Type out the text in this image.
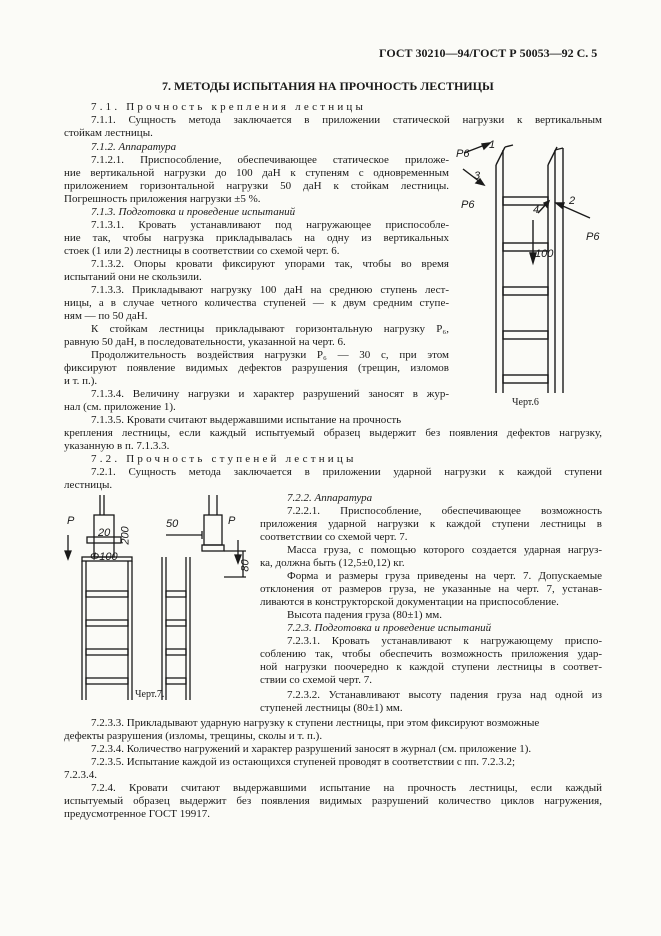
ГОСТ 30210—94/ГОСТ Р 50053—92 С. 5
7. МЕТОДЫ ИСПЫТАНИЯ НА ПРОЧНОСТЬ ЛЕСТНИЦЫ
7.1. Прочность крепления лестницы
7.1.1. Сущность метода заключается в приложении статической нагрузки к вертикальным
стойкам лестницы.
7.1.2. Аппаратура
7.1.2.1. Приспособление, обеспечивающее статическое приложе-
ние вертикальной нагрузки до 100 даН к ступеням с одновременным
приложением горизонтальной нагрузки 50 даН к стойкам лестницы.
Погрешность приложения нагрузки ±5 %.
7.1.3. Подготовка и проведение испытаний
7.1.3.1. Кровать устанавливают под нагружающее приспособле-
ние так, чтобы нагрузка прикладывалась на одну из вертикальных
стоек (1 или 2) лестницы в соответствии со схемой черт. 6.
7.1.3.2. Опоры кровати фиксируют упорами так, чтобы во время
испытаний они не скользили.
7.1.3.3. Прикладывают нагрузку 100 даН на среднюю ступень лест-
ницы, а в случае четного количества ступеней — к двум средним ступе-
ням — по 50 даН.
К стойкам лестницы прикладывают горизонтальную нагрузку P₆,
равную 50 даН, в последовательности, указанной на черт. 6.
Продолжительность воздействия нагрузки P₆ — 30 с, при этом
фиксируют появление видимых дефектов разрушения (трещин, изломов
и т. п.).
7.1.3.4. Величину нагрузки и характер разрушений заносят в жур-
нал (см. приложение 1).
7.1.3.5. Кровати считают выдержавшими испытание на прочность
крепления лестницы, если каждый испытуемый образец выдержит без появления дефектов нагрузку,
указанную в п. 7.1.3.3.
7.2. Прочность ступеней лестницы
7.2.1. Сущность метода заключается в приложении ударной нагрузки к каждой ступени
лестницы.
7.2.2. Аппаратура
7.2.2.1. Приспособление, обеспечивающее возможность
приложения ударной нагрузки к каждой ступени лестницы в
соответствии со схемой черт. 7.
Масса груза, с помощью которого создается ударная нагруз-
ка, должна быть (12,5±0,12) кг.
Форма и размеры груза приведены на черт. 7. Допускаемые
отклонения от размеров груза, не указанные на черт. 7, устанав-
ливаются в конструкторской документации на приспособление.
Высота падения груза (80±1) мм.
7.2.3. Подготовка и проведение испытаний
7.2.3.1. Кровать устанавливают к нагружающему приспо-
соблению так, чтобы обеспечить возможность приложения удар-
ной нагрузки поочередно к каждой ступени лестницы в соответ-
ствии со схемой черт. 7.
7.2.3.2. Устанавливают высоту падения груза над одной из
ступеней лестницы (80±1) мм.
7.2.3.3. Прикладывают ударную нагрузку к ступени лестницы, при этом фиксируют возможные
дефекты разрушения (изломы, трещины, сколы и т. п.).
7.2.3.4. Количество нагружений и характер разрушений заносят в журнал (см. приложение 1).
7.2.3.5. Испытание каждой из остающихся ступеней проводят в соответствии с пп. 7.2.3.2;
7.2.3.4.
7.2.4. Кровати считают выдержавшими испытание на прочность лестницы, если каждый
испытуемый образец выдержит без появления видимых разрушений количество циклов нагружения,
предусмотренное ГОСТ 19917.
P6
1
3
P6	2
4
P6
100
Черт.6
P
20 200
Φ100
50	P
80
Черт.7.
